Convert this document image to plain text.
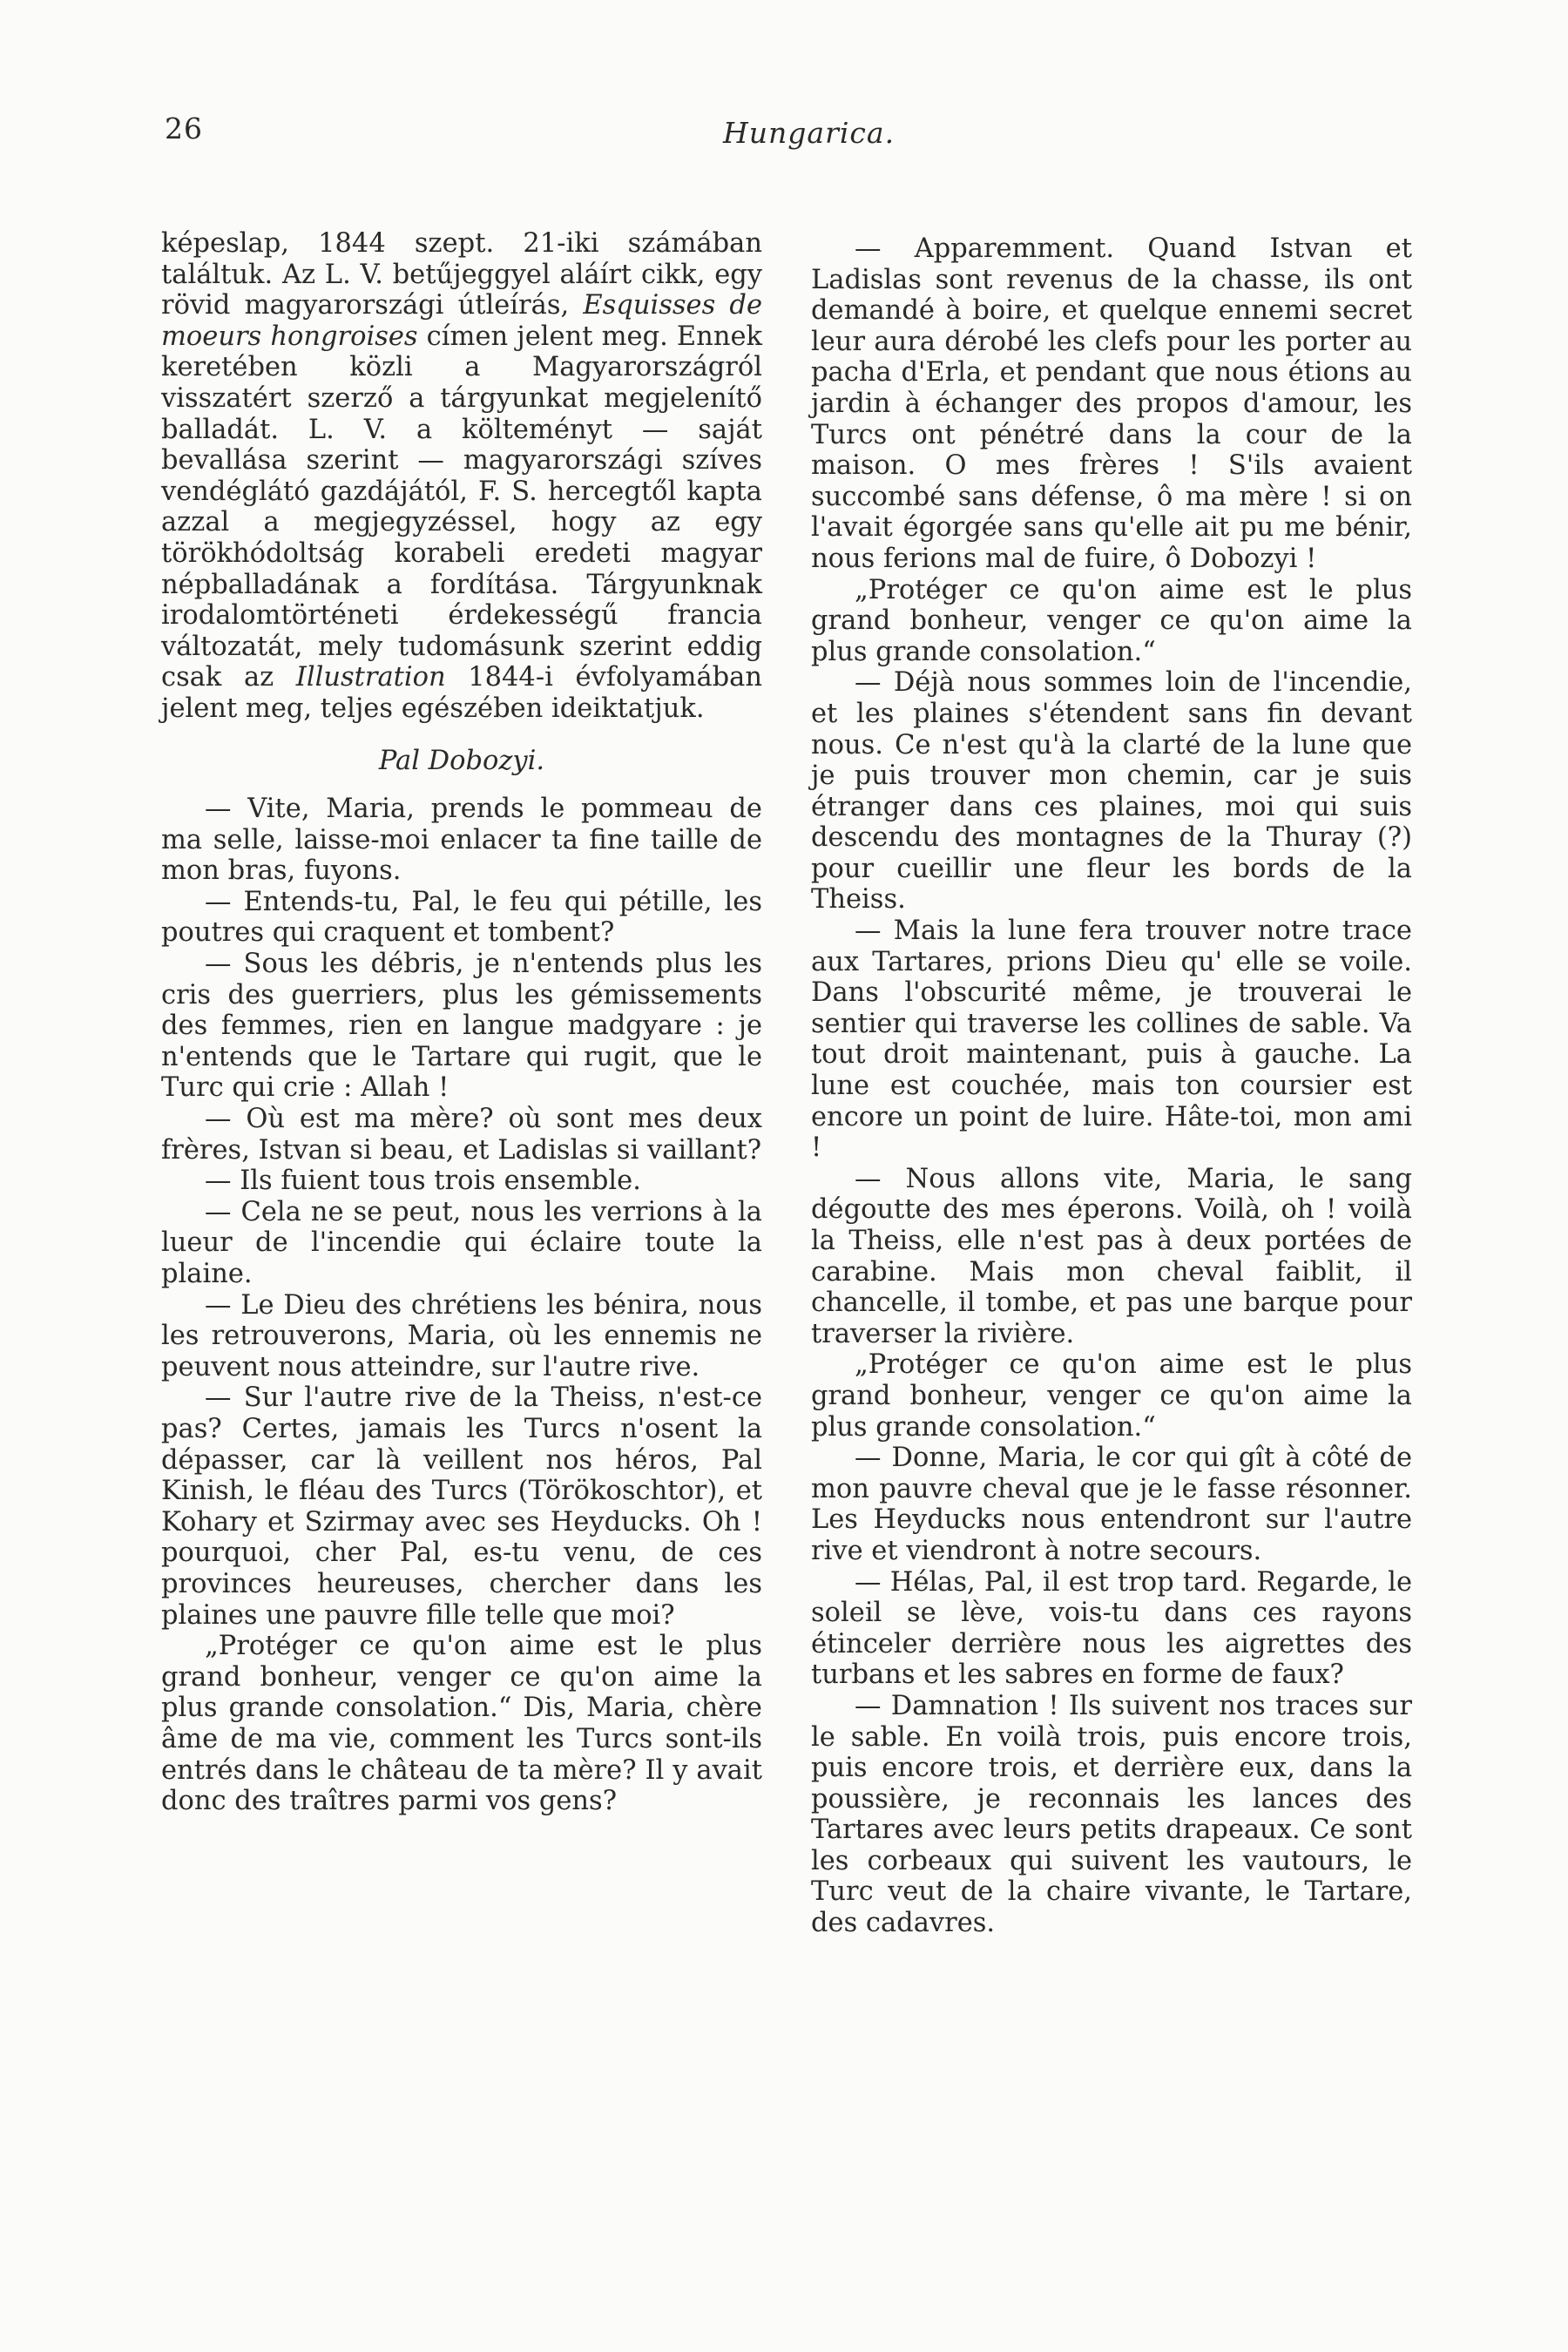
26	Hungarica.

képeslap, 1844 szept. 21-iki számában találtuk. Az L. V. betűjeggyel aláírt cikk, egy rövid magyarországi útleírás, Esquisses de moeurs hongroises címen jelent meg. Ennek keretében közli a Magyarországról visszatért szerző a tárgyunkat megjelenítő balladát. L. V. a költeményt — saját bevallása szerint — magyarországi szíves vendéglátó gazdájától, F. S. hercegtől kapta azzal a megjegyzéssel, hogy az egy törökhódoltság korabeli eredeti magyar népballadának a fordítása. Tárgyunknak irodalomtörténeti érdekességű francia változatát, mely tudomásunk szerint eddig csak az Illustration 1844-i évfolyamában jelent meg, teljes egészében ideiktatjuk.

Pal Dobozyi.

— Vite, Maria, prends le pommeau de ma selle, laisse-moi enlacer ta fine taille de mon bras, fuyons.

— Entends-tu, Pal, le feu qui pétille, les poutres qui craquent et tombent?

— Sous les débris, je n'entends plus les cris des guerriers, plus les gémissements des femmes, rien en langue madgyare : je n'entends que le Tartare qui rugit, que le Turc qui crie : Allah !

— Où est ma mère? où sont mes deux frères, Istvan si beau, et Ladislas si vaillant?

— Ils fuient tous trois ensemble.

— Cela ne se peut, nous les verrions à la lueur de l'incendie qui éclaire toute la plaine.

— Le Dieu des chrétiens les bénira, nous les retrouverons, Maria, où les ennemis ne peuvent nous atteindre, sur l'autre rive.

— Sur l'autre rive de la Theiss, n'est-ce pas? Certes, jamais les Turcs n'osent la dépasser, car là veillent nos héros, Pal Kinish, le fléau des Turcs (Törökoschtor), et Kohary et Szirmay avec ses Heyducks. Oh ! pourquoi, cher Pal, es-tu venu, de ces provinces heureuses, chercher dans les plaines une pauvre fille telle que moi?

„Protéger ce qu'on aime est le plus grand bonheur, venger ce qu'on aime la plus grande consolation.“ Dis, Maria, chère âme de ma vie, comment les Turcs sont-ils entrés dans le château de ta mère? Il y avait donc des traîtres parmi vos gens?

— Apparemment. Quand Istvan et Ladislas sont revenus de la chasse, ils ont demandé à boire, et quelque ennemi secret leur aura dérobé les clefs pour les porter au pacha d'Erla, et pendant que nous étions au jardin à échanger des propos d'amour, les Turcs ont pénétré dans la cour de la maison. O mes frères ! S'ils avaient succombé sans défense, ô ma mère ! si on l'avait égorgée sans qu'elle ait pu me bénir, nous ferions mal de fuire, ô Dobozyi !

„Protéger ce qu'on aime est le plus grand bonheur, venger ce qu'on aime la plus grande consolation.“

— Déjà nous sommes loin de l'incendie, et les plaines s'étendent sans fin devant nous. Ce n'est qu'à la clarté de la lune que je puis trouver mon chemin, car je suis étranger dans ces plaines, moi qui suis descendu des montagnes de la Thuray (?) pour cueillir une fleur les bords de la Theiss.

— Mais la lune fera trouver notre trace aux Tartares, prions Dieu qu' elle se voile. Dans l'obscurité même, je trouverai le sentier qui traverse les collines de sable. Va tout droit maintenant, puis à gauche. La lune est couchée, mais ton coursier est encore un point de luire. Hâte-toi, mon ami !

— Nous allons vite, Maria, le sang dégoutte des mes éperons. Voilà, oh ! voilà la Theiss, elle n'est pas à deux portées de carabine. Mais mon cheval faiblit, il chancelle, il tombe, et pas une barque pour traverser la rivière.

„Protéger ce qu'on aime est le plus grand bonheur, venger ce qu'on aime la plus grande consolation.“

— Donne, Maria, le cor qui gît à côté de mon pauvre cheval que je le fasse résonner. Les Heyducks nous entendront sur l'autre rive et viendront à notre secours.

— Hélas, Pal, il est trop tard. Regarde, le soleil se lève, vois-tu dans ces rayons étinceler derrière nous les aigrettes des turbans et les sabres en forme de faux?

— Damnation ! Ils suivent nos traces sur le sable. En voilà trois, puis encore trois, puis encore trois, et derrière eux, dans la poussière, je reconnais les lances des Tartares avec leurs petits drapeaux. Ce sont les corbeaux qui suivent les vautours, le Turc veut de la chaire vivante, le Tartare, des cadavres.
